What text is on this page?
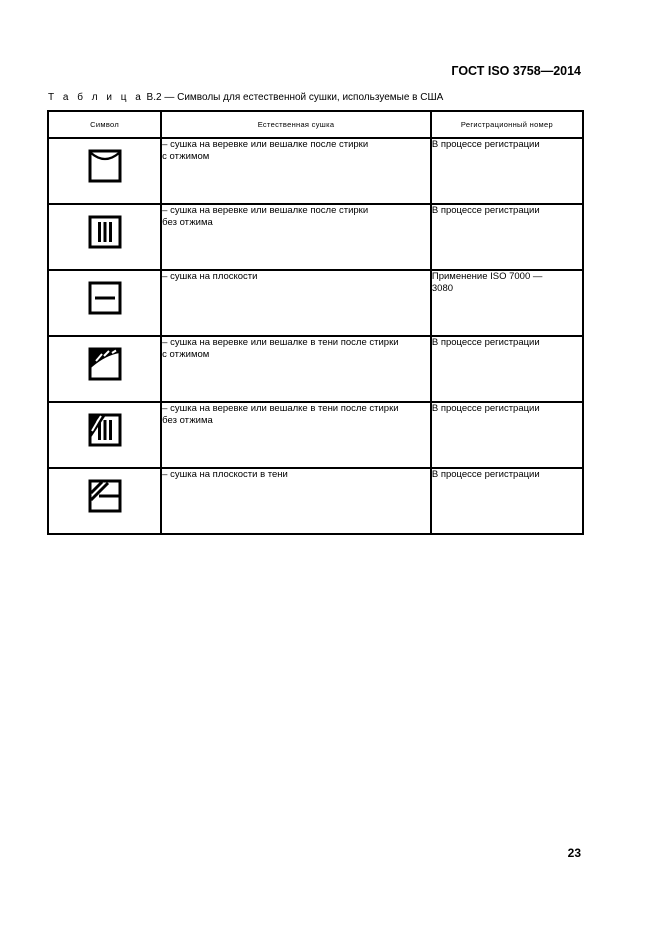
ГОСТ ISO 3758—2014
Т а б л и ц а В.2 — Символы для естественной сушки, используемые в США
Символ	Естественная сушка	Регистрационный номер

– сушка на веревке или вешалке после стирки
с отжимом	В процессе регистрации

– сушка на веревке или вешалке после стирки
без отжима	В процессе регистрации

– сушка на плоскости	Применение ISO 7000 —
3080

– сушка на веревке или вешалке в тени после стирки
с отжимом	В процессе регистрации

– сушка на веревке или вешалке в тени после стирки
без отжима	В процессе регистрации

– сушка на плоскости в тени	В процессе регистрации
23
